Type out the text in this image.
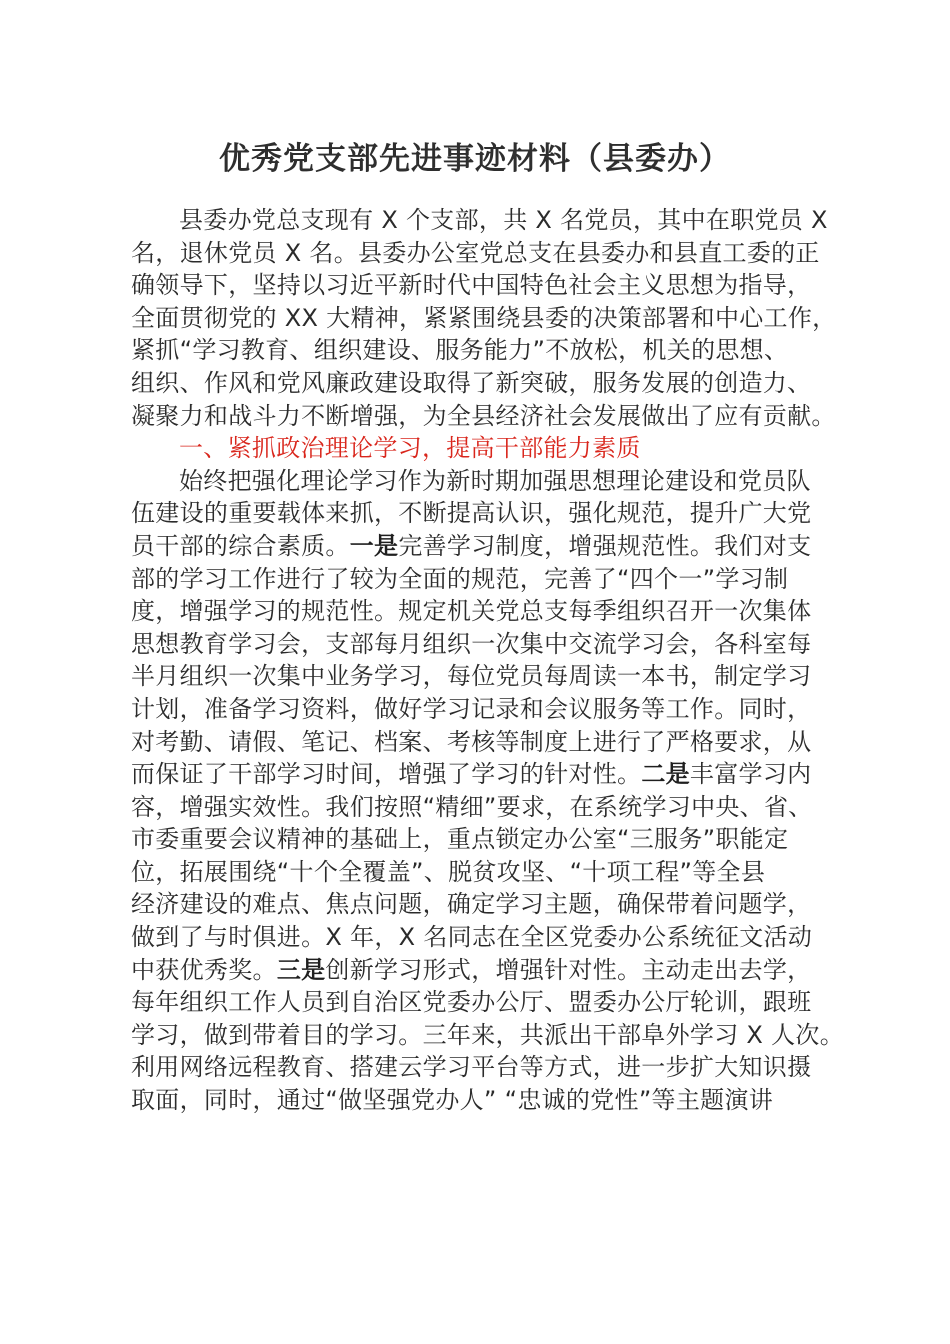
优秀党支部先进事迹材料（县委办）
县委办党总支现有 X 个支部，共 X 名党员，其中在职党员 X
名，退休党员 X 名。县委办公室党总支在县委办和县直工委的正
确领导下，坚持以习近平新时代中国特色社会主义思想为指导，
全面贯彻党的 XX 大精神，紧紧围绕县委的决策部署和中心工作，
紧抓“学习教育、组织建设、服务能力”不放松，机关的思想、
组织、作风和党风廉政建设取得了新突破，服务发展的创造力、
凝聚力和战斗力不断增强，为全县经济社会发展做出了应有贡献。
一、紧抓政治理论学习，提高干部能力素质
始终把强化理论学习作为新时期加强思想理论建设和党员队
伍建设的重要载体来抓，不断提高认识，强化规范，提升广大党
员干部的综合素质。一是完善学习制度，增强规范性。我们对支
部的学习工作进行了较为全面的规范，完善了“四个一”学习制
度，增强学习的规范性。规定机关党总支每季组织召开一次集体
思想教育学习会，支部每月组织一次集中交流学习会，各科室每
半月组织一次集中业务学习，每位党员每周读一本书，制定学习
计划，准备学习资料，做好学习记录和会议服务等工作。同时，
对考勤、请假、笔记、档案、考核等制度上进行了严格要求，从
而保证了干部学习时间，增强了学习的针对性。二是丰富学习内
容，增强实效性。我们按照“精细”要求，在系统学习中央、省、
市委重要会议精神的基础上，重点锁定办公室“三服务”职能定
位，拓展围绕“十个全覆盖”、脱贫攻坚、“十项工程”等全县
经济建设的难点、焦点问题，确定学习主题，确保带着问题学，
做到了与时俱进。X 年，X 名同志在全区党委办公系统征文活动
中获优秀奖。三是创新学习形式，增强针对性。主动走出去学，
每年组织工作人员到自治区党委办公厅、盟委办公厅轮训，跟班
学习，做到带着目的学习。三年来，共派出干部阜外学习 X 人次。
利用网络远程教育、搭建云学习平台等方式，进一步扩大知识摄
取面，同时，通过“做坚强党办人” “忠诚的党性”等主题演讲
